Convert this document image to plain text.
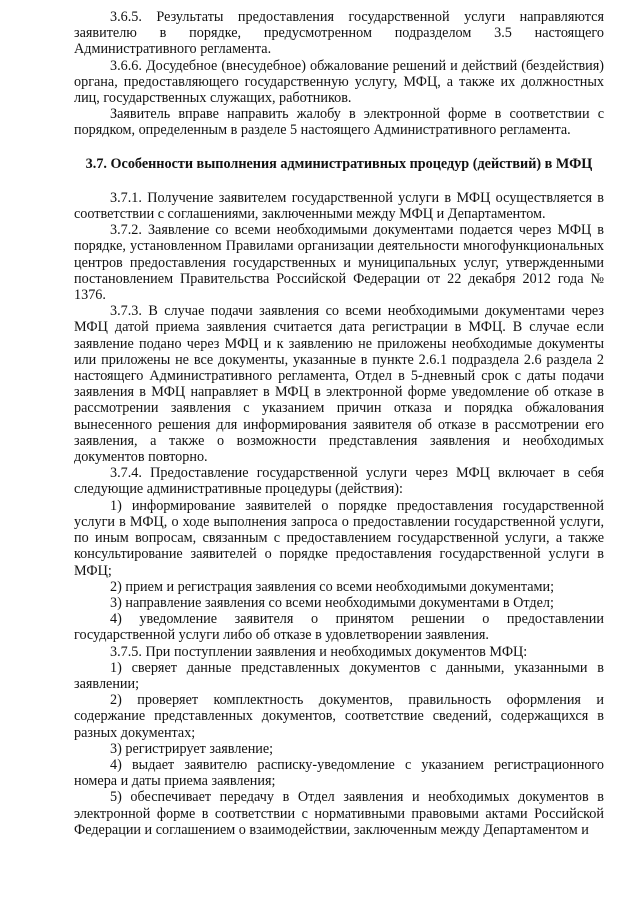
3.6.5. Результаты предоставления государственной услуги направляются заявителю в порядке, предусмотренном подразделом 3.5 настоящего Административного регламента.

3.6.6. Досудебное (внесудебное) обжалование решений и действий (бездействия) органа, предоставляющего государственную услугу, МФЦ, а также их должностных лиц, государственных служащих, работников.

Заявитель вправе направить жалобу в электронной форме в соответствии с порядком, определенным в разделе 5 настоящего Административного регламента.

3.7. Особенности выполнения административных процедур (действий) в МФЦ

3.7.1. Получение заявителем государственной услуги в МФЦ осуществляется в соответствии с соглашениями, заключенными между МФЦ и Департаментом.

3.7.2. Заявление со всеми необходимыми документами подается через МФЦ в порядке, установленном Правилами организации деятельности многофункциональных центров предоставления государственных и муниципальных услуг, утвержденными постановлением Правительства Российской Федерации от 22 декабря 2012 года № 1376.

3.7.3. В случае подачи заявления со всеми необходимыми документами через МФЦ датой приема заявления считается дата регистрации в МФЦ. В случае если заявление подано через МФЦ и к заявлению не приложены необходимые документы или приложены не все документы, указанные в пункте 2.6.1 подраздела 2.6 раздела 2 настоящего Административного регламента, Отдел в 5-дневный срок с даты подачи заявления в МФЦ направляет в МФЦ в электронной форме уведомление об отказе в рассмотрении заявления с указанием причин отказа и порядка обжалования вынесенного решения для информирования заявителя об отказе в рассмотрении его заявления, а также о возможности представления заявления и необходимых документов повторно.

3.7.4. Предоставление государственной услуги через МФЦ включает в себя следующие административные процедуры (действия):

1) информирование заявителей о порядке предоставления государственной услуги в МФЦ, о ходе выполнения запроса о предоставлении государственной услуги, по иным вопросам, связанным с предоставлением государственной услуги, а также консультирование заявителей о порядке предоставления государственной услуги в МФЦ;

2) прием и регистрация заявления со всеми необходимыми документами;

3) направление заявления со всеми необходимыми документами в Отдел;

4) уведомление заявителя о принятом решении о предоставлении государственной услуги либо об отказе в удовлетворении заявления.

3.7.5. При поступлении заявления и необходимых документов МФЦ:

1) сверяет данные представленных документов с данными, указанными в заявлении;

2) проверяет комплектность документов, правильность оформления и содержание представленных документов, соответствие сведений, содержащихся в разных документах;

3) регистрирует заявление;

4) выдает заявителю расписку-уведомление с указанием регистрационного номера и даты приема заявления;

5) обеспечивает передачу в Отдел заявления и необходимых документов в электронной форме в соответствии с нормативными правовыми актами Российской Федерации и соглашением о взаимодействии, заключенным между Департаментом и
